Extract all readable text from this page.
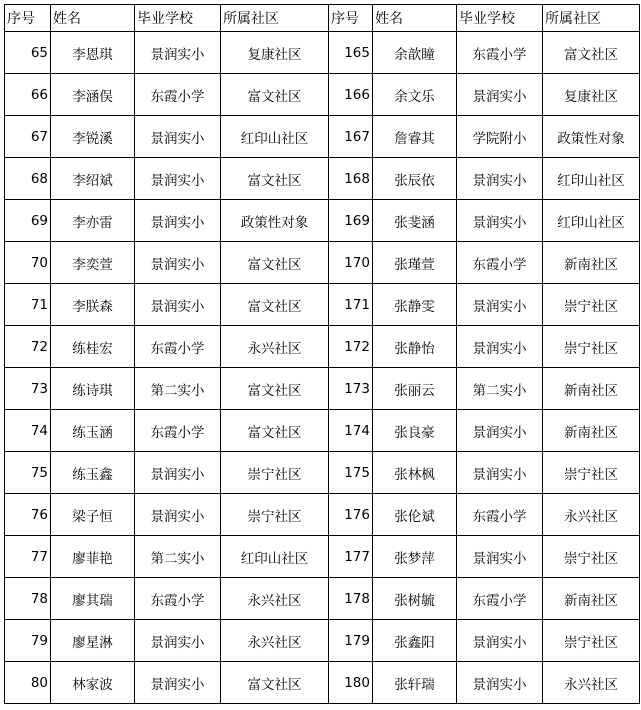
序号	姓名	毕业学校	所属社区	序号	姓名	毕业学校	所属社区
65	李恩琪	景润实小	复康社区	165	余歆瞳	东霞小学	富文社区
66	李涵俣	东霞小学	富文社区	166	余文乐	景润实小	复康社区
67	李锐溪	景润实小	红印山社区	167	詹睿其	学院附小	政策性对象
68	李绍斌	景润实小	富文社区	168	张辰依	景润实小	红印山社区
69	李亦雷	景润实小	政策性对象	169	张斐涵	景润实小	红印山社区
70	李奕萱	景润实小	富文社区	170	张瑾萱	东霞小学	新南社区
71	李朕森	景润实小	富文社区	171	张静雯	景润实小	崇宁社区
72	练桂宏	东霞小学	永兴社区	172	张静怡	景润实小	崇宁社区
73	练诗琪	第二实小	富文社区	173	张丽云	第二实小	新南社区
74	练玉涵	东霞小学	富文社区	174	张良豪	景润实小	新南社区
75	练玉鑫	景润实小	崇宁社区	175	张林枫	景润实小	崇宁社区
76	梁子恒	景润实小	崇宁社区	176	张伦斌	东霞小学	永兴社区
77	廖菲艳	第二实小	红印山社区	177	张梦萍	景润实小	崇宁社区
78	廖其瑞	东霞小学	永兴社区	178	张树毓	东霞小学	新南社区
79	廖星淋	景润实小	永兴社区	179	张鑫阳	景润实小	崇宁社区
80	林家波	景润实小	富文社区	180	张轩瑞	景润实小	永兴社区
